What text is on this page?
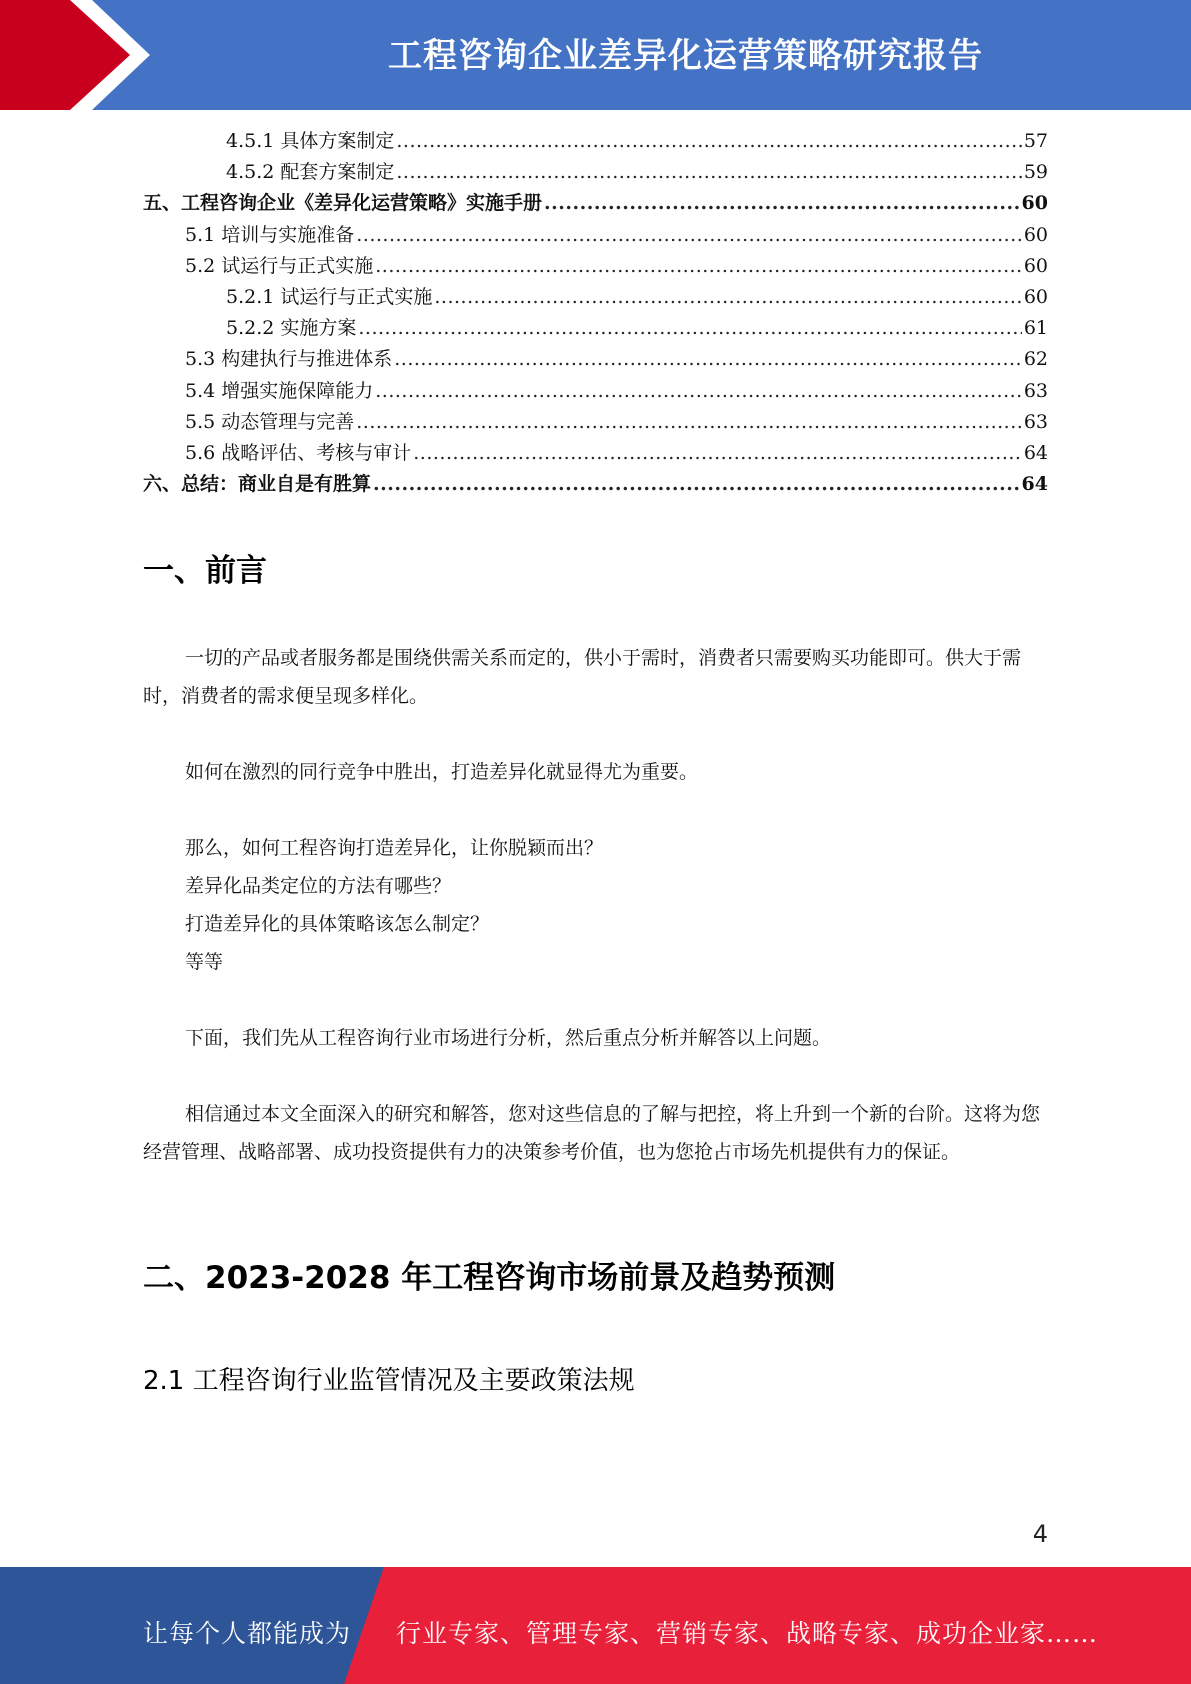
工程咨询企业差异化运营策略研究报告
4.5.1 具体方案制定 .....	57
4.5.2 配套方案制定 .....	59
五、工程咨询企业《差异化运营策略》实施手册 .....	60
5.1 培训与实施准备 .....	60
5.2 试运行与正式实施 .....	60
5.2.1 试运行与正式实施 .....	60
5.2.2 实施方案 .....	61
5.3 构建执行与推进体系 .....	62
5.4 增强实施保障能力 .....	63
5.5 动态管理与完善 .....	63
5.6 战略评估、考核与审计 .....	64
六、总结：商业自是有胜算 .....	64
一、前言
一切的产品或者服务都是围绕供需关系而定的，供小于需时，消费者只需要购买功能即可。供大于需时，消费者的需求便呈现多样化。
如何在激烈的同行竞争中胜出，打造差异化就显得尤为重要。
那么，如何工程咨询打造差异化，让你脱颖而出？
差异化品类定位的方法有哪些？
打造差异化的具体策略该怎么制定？
等等
下面，我们先从工程咨询行业市场进行分析，然后重点分析并解答以上问题。
相信通过本文全面深入的研究和解答，您对这些信息的了解与把控，将上升到一个新的台阶。这将为您经营管理、战略部署、成功投资提供有力的决策参考价值，也为您抢占市场先机提供有力的保证。
二、2023-2028 年工程咨询市场前景及趋势预测
2.1 工程咨询行业监管情况及主要政策法规
4
让每个人都能成为 行业专家、管理专家、营销专家、战略专家、成功企业家……
